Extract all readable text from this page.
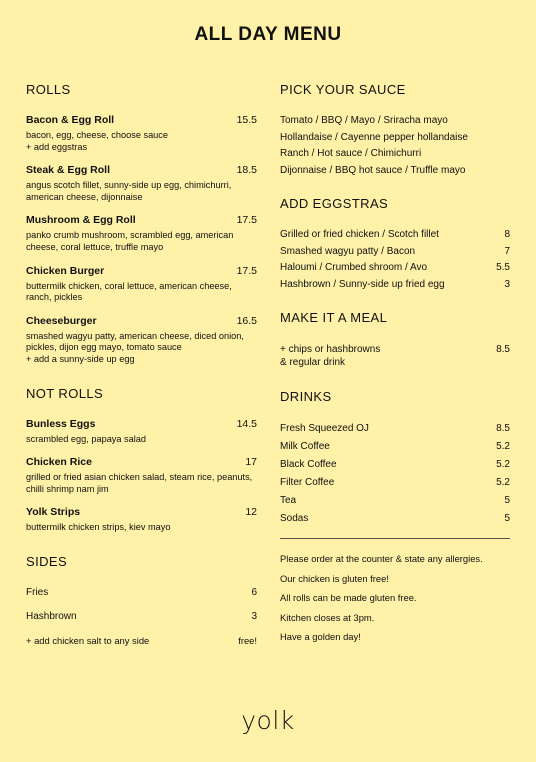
ALL DAY MENU
ROLLS
Bacon & Egg Roll	15.5
bacon, egg, cheese, choose sauce
+ add eggstras
Steak & Egg Roll	18.5
angus scotch fillet, sunny-side up egg, chimichurri, american cheese, dijonnaise
Mushroom & Egg Roll	17.5
panko crumb mushroom, scrambled egg, american cheese, coral lettuce, truffle mayo
Chicken Burger	17.5
buttermilk chicken, coral lettuce, american cheese, ranch, pickles
Cheeseburger	16.5
smashed wagyu patty, american cheese, diced onion, pickles, dijon egg mayo, tomato sauce
+ add a sunny-side up egg
NOT ROLLS
Bunless Eggs	14.5
scrambled egg, papaya salad
Chicken Rice	17
grilled or fried asian chicken salad, steam rice, peanuts, chilli shrimp nam jim
Yolk Strips	12
buttermilk chicken strips, kiev mayo
SIDES
Fries	6
Hashbrown	3
+ add chicken salt to any side	free!
PICK YOUR SAUCE
Tomato / BBQ / Mayo / Sriracha mayo
Hollandaise / Cayenne pepper hollandaise
Ranch / Hot sauce / Chimichurri
Dijonnaise / BBQ hot sauce / Truffle mayo
ADD EGGSTRAS
Grilled or fried chicken / Scotch fillet	8
Smashed wagyu patty / Bacon	7
Haloumi / Crumbed shroom / Avo	5.5
Hashbrown / Sunny-side up fried egg	3
MAKE IT A MEAL
+ chips or hashbrowns	8.5
& regular drink
DRINKS
Fresh Squeezed OJ	8.5
Milk Coffee	5.2
Black Coffee	5.2
Filter Coffee	5.2
Tea	5
Sodas	5
Please order at the counter & state any allergies.
Our chicken is gluten free!
All rolls can be made gluten free.
Kitchen closes at 3pm.
Have a golden day!
yolk
